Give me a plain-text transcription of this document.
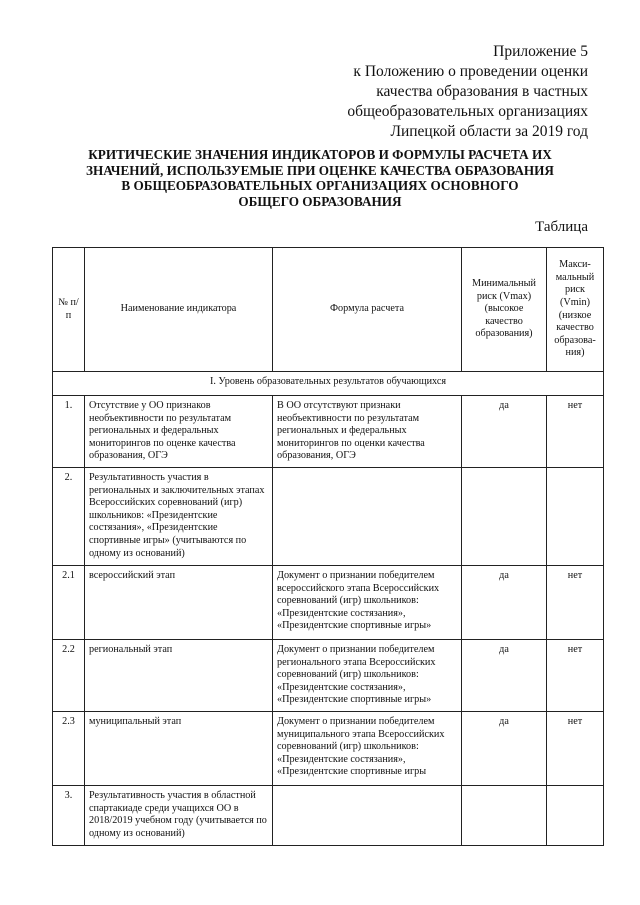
Приложение 5
к Положению о проведении оценки
качества образования в частных
общеобразовательных организациях
Липецкой области за 2019 год
КРИТИЧЕСКИЕ ЗНАЧЕНИЯ ИНДИКАТОРОВ И ФОРМУЛЫ РАСЧЕТА ИХ
ЗНАЧЕНИЙ, ИСПОЛЬЗУЕМЫЕ ПРИ ОЦЕНКЕ КАЧЕСТВА ОБРАЗОВАНИЯ
В ОБЩЕОБРАЗОВАТЕЛЬНЫХ ОРГАНИЗАЦИЯХ ОСНОВНОГО
ОБЩЕГО ОБРАЗОВАНИЯ
Таблица
№ п/п	Наименование индикатора	Формула расчета	Минимальный риск (Vmax) (высокое качество образования)	Макси-мальный риск (Vmin) (низкое качество образова-ния)
I. Уровень образовательных результатов обучающихся				
1.	Отсутствие у ОО признаков необъективности по результатам региональных и федеральных мониторингов по оценке качества образования, ОГЭ	В ОО отсутствуют признаки необъективности по результатам региональных и федеральных мониторингов по оценки качества образования, ОГЭ	да	нет
2.	Результативность участия в региональных и заключительных этапах Всероссийских соревнований (игр) школьников: «Президентские состязания», «Президентские спортивные игры» (учитываются по одному из оснований)			
2.1	всероссийский этап	Документ о признании победителем всероссийского этапа Всероссийских соревнований (игр) школьников: «Президентские состязания», «Президентские спортивные игры»	да	нет
2.2	региональный этап	Документ о признании победителем регионального этапа Всероссийских соревнований (игр) школьников: «Президентские состязания», «Президентские спортивные игры»	да	нет
2.3	муниципальный этап	Документ о признании победителем муниципального этапа Всероссийских соревнований (игр) школьников: «Президентские состязания», «Президентские спортивные игры	да	нет
3.	Результативность участия в областной спартакиаде среди учащихся ОО в 2018/2019 учебном году (учитывается по одному из оснований)			
